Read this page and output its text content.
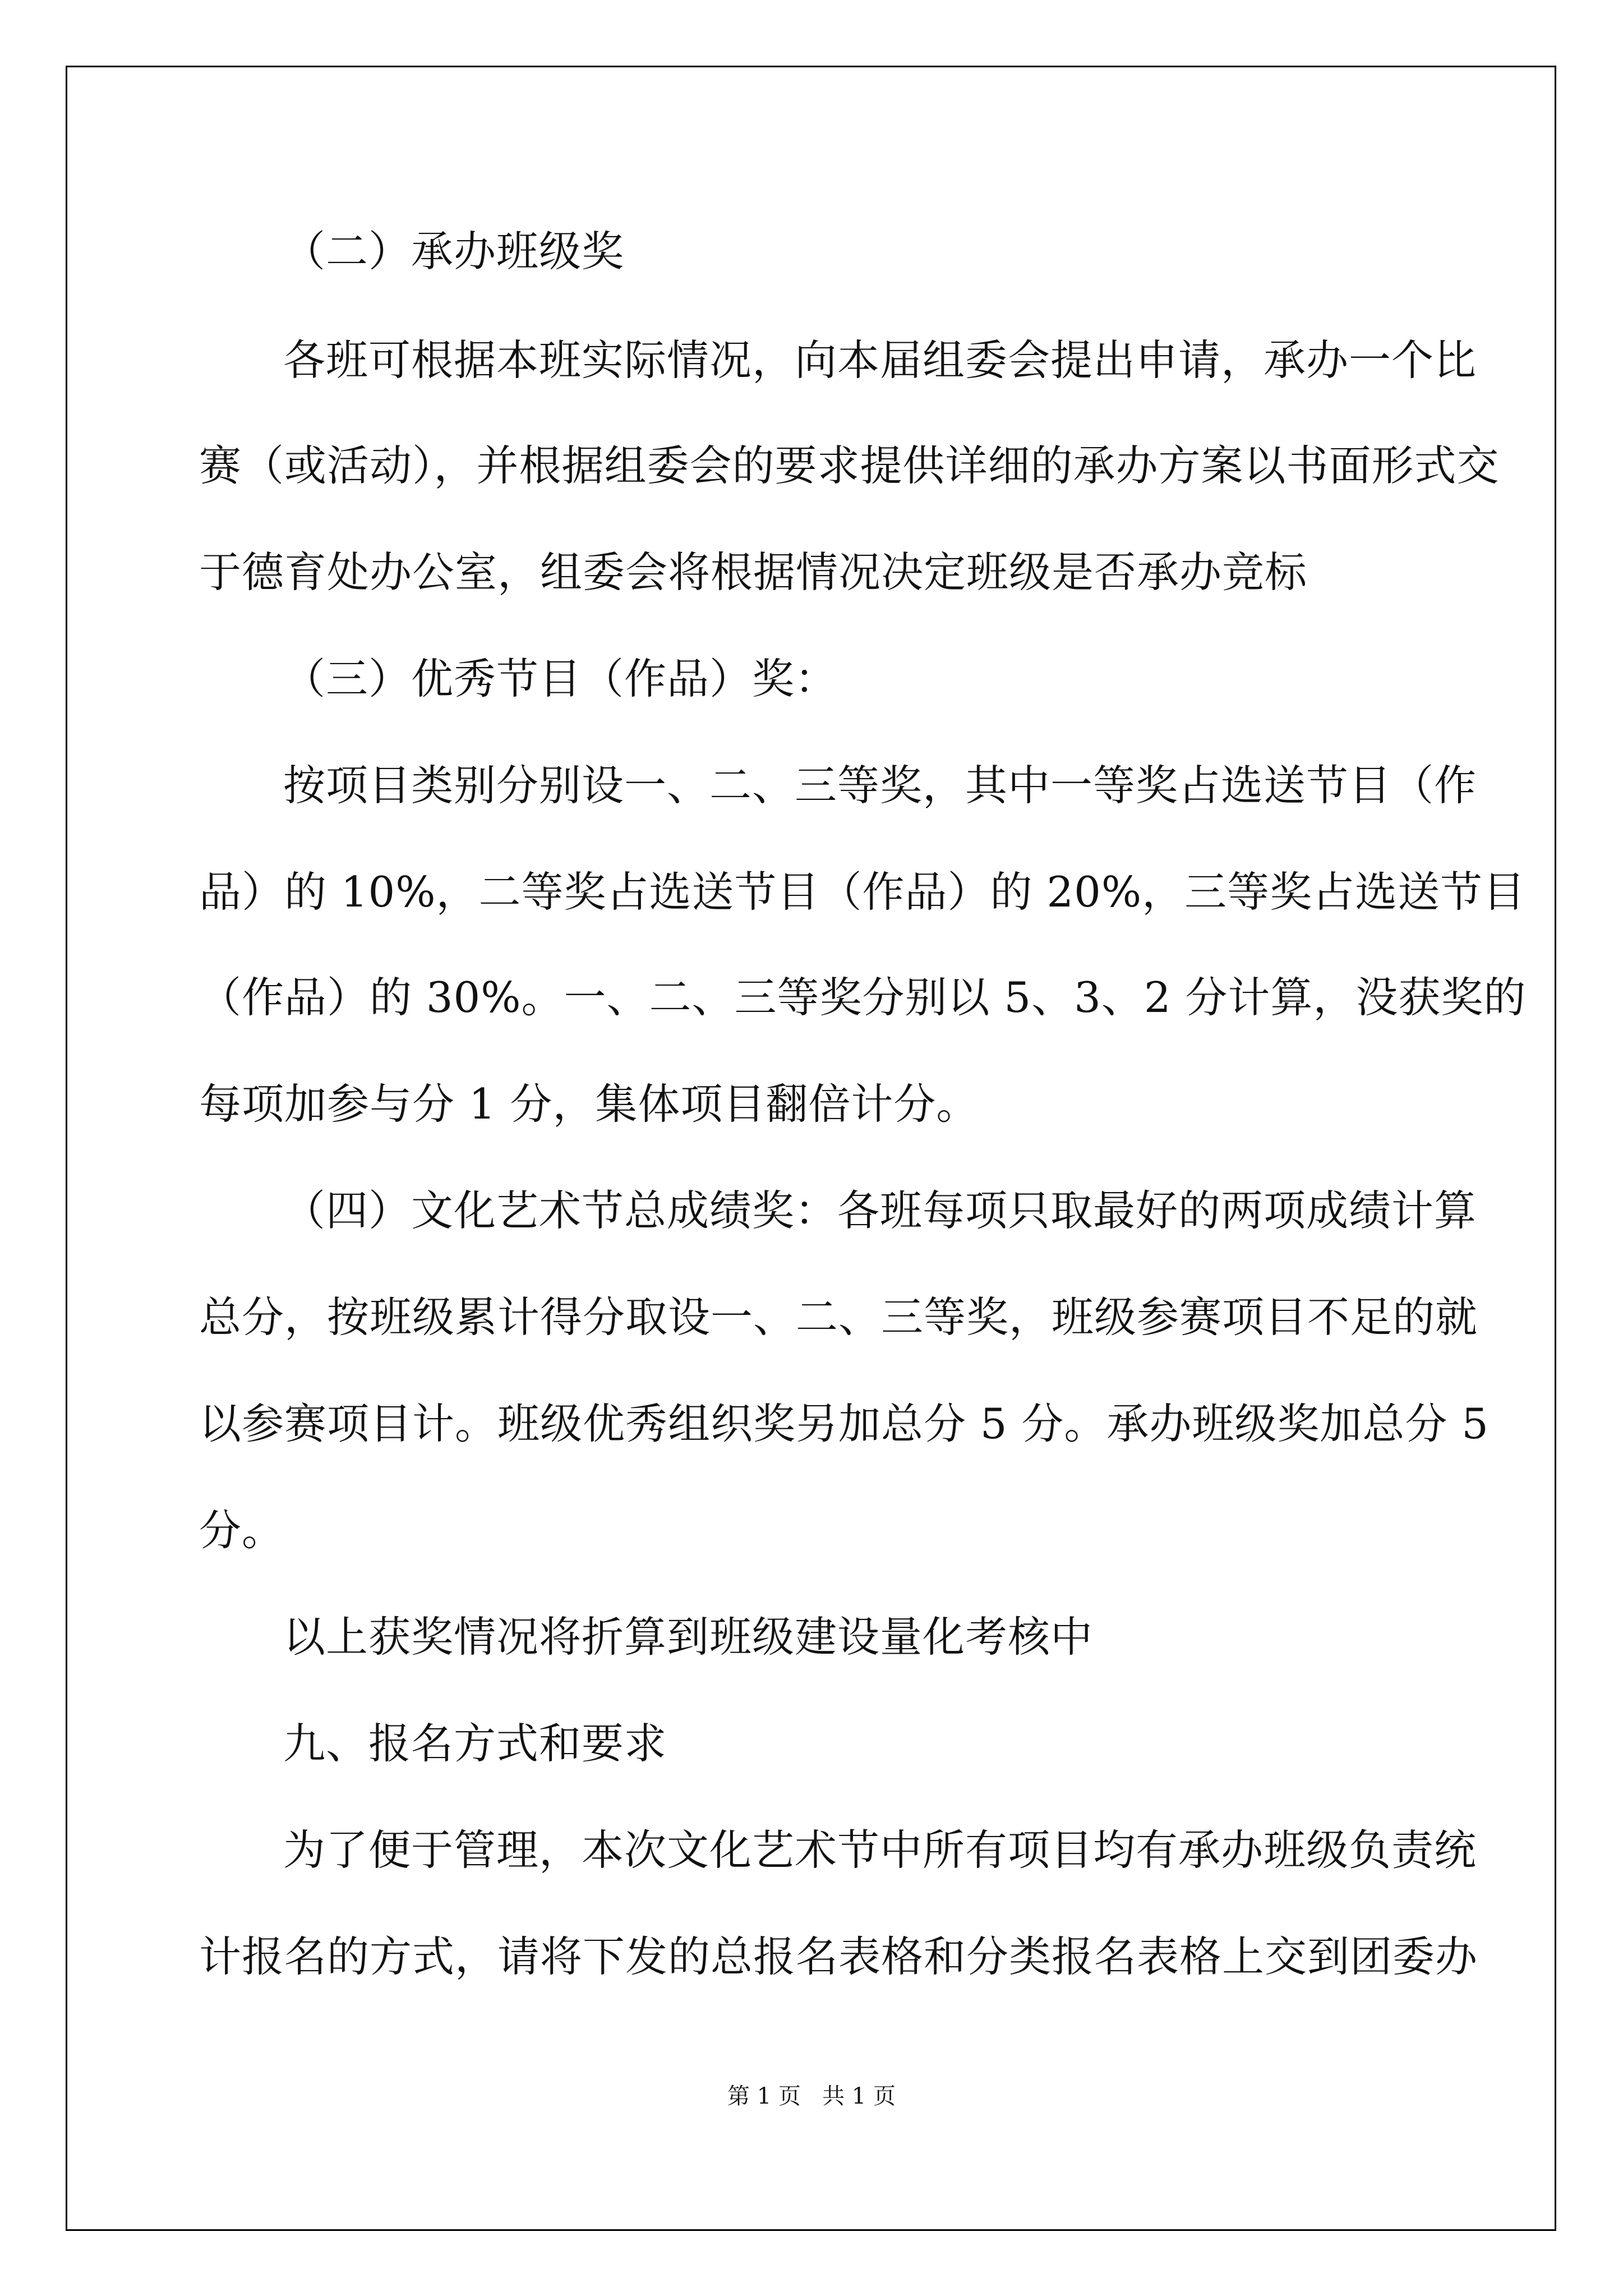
（二）承办班级奖
各班可根据本班实际情况，向本届组委会提出申请，承办一个比
赛（或活动），并根据组委会的要求提供详细的承办方案以书面形式交
于德育处办公室，组委会将根据情况决定班级是否承办竞标
（三）优秀节目（作品）奖：
按项目类别分别设一、二、三等奖，其中一等奖占选送节目（作
品）的 10%，二等奖占选送节目（作品）的 20%，三等奖占选送节目
（作品）的 30%。一、二、三等奖分别以 5、3、2 分计算，没获奖的
每项加参与分 1 分，集体项目翻倍计分。
（四）文化艺术节总成绩奖：各班每项只取最好的两项成绩计算
总分，按班级累计得分取设一、二、三等奖，班级参赛项目不足的就
以参赛项目计。班级优秀组织奖另加总分 5 分。承办班级奖加总分 5
分。
以上获奖情况将折算到班级建设量化考核中
九、报名方式和要求
为了便于管理，本次文化艺术节中所有项目均有承办班级负责统
计报名的方式，请将下发的总报名表格和分类报名表格上交到团委办
第 1 页   共 1 页
